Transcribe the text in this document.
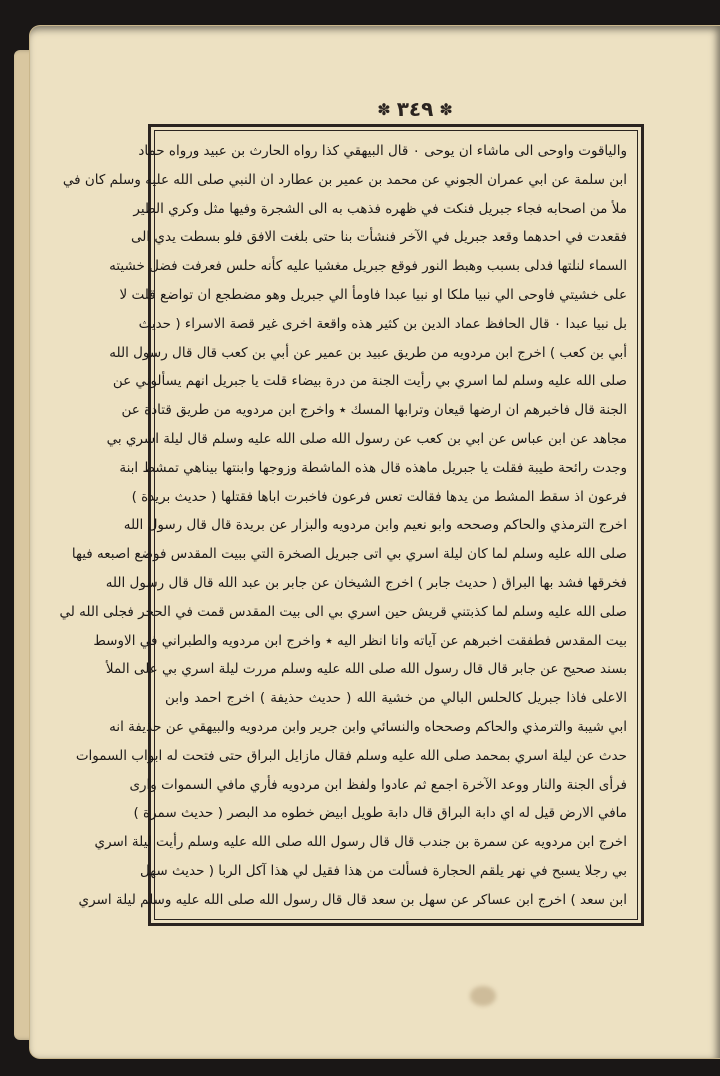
✽ ٣٤٩ ✽
والياقوت واوحى الى ماشاء ان يوحى ٠ قال البيهقي كذا رواه الحارث بن عبيد ورواه حماد
ابن سلمة عن ابي عمران الجوني عن محمد بن عمير بن عطارد ان النبي صلى الله عليه وسلم كان في
ملأ من اصحابه فجاء جبريل فنكت في ظهره فذهب به الى الشجرة وفيها مثل وكري الطير
فقعدت في احدهما وقعد جبريل في الآخر فنشأت بنا حتى بلغت الافق فلو بسطت يدي الى
السماء لنلتها فدلى بسبب وهبط النور فوقع جبريل مغشيا عليه كأنه حلس فعرفت فضل خشيته
على خشيتي فاوحى الي نبيا ملكا او نبيا عبدا فاومأ الي جبريل وهو مضطجع ان تواضع قلت لا
بل نبيا عبدا ٠ قال الحافظ عماد الدين بن كثير هذه واقعة اخرى غير قصة الاسراء ( حديث
أبي بن كعب ) اخرج ابن مردويه من طريق عبيد بن عمير عن أبي بن كعب قال قال رسول الله
صلى الله عليه وسلم لما اسري بي رأيت الجنة من درة بيضاء قلت يا جبريل انهم يسألوني عن
الجنة قال فاخبرهم ان ارضها قيعان وترابها المسك ٭ واخرج ابن مردويه من طريق قتادة عن
مجاهد عن ابن عباس عن ابي بن كعب عن رسول الله صلى الله عليه وسلم قال ليلة اسري بي
وجدت رائحة طيبة فقلت يا جبريل ماهذه قال هذه الماشطة وزوجها وابنتها بيناهي تمشط ابنة
فرعون اذ سقط المشط من يدها فقالت تعس فرعون فاخبرت اباها فقتلها ( حديث بريدة )
اخرج الترمذي والحاكم وصححه وابو نعيم وابن مردويه والبزار عن بريدة قال قال رسول الله
صلى الله عليه وسلم لما كان ليلة اسري بي اتى جبريل الصخرة التي ببيت المقدس فوضع اصبعه فيها
فخرقها فشد بها البراق ( حديث جابر ) اخرج الشيخان عن جابر بن عبد الله قال قال رسول الله
صلى الله عليه وسلم لما كذبتني قريش حين اسري بي الى بيت المقدس قمت في الحجر فجلى الله لي
بيت المقدس فطفقت اخبرهم عن آياته وانا انظر اليه ٭ واخرج ابن مردويه والطبراني في الاوسط
بسند صحيح عن جابر قال قال رسول الله صلى الله عليه وسلم مررت ليلة اسري بي على الملأ
الاعلى فاذا جبريل كالحلس البالي من خشية الله ( حديث حذيفة ) اخرج احمد وابن
ابي شيبة والترمذي والحاكم وصححاه والنسائي وابن جرير وابن مردويه والبيهقي عن حذيفة انه
حدث عن ليلة اسري بمحمد صلى الله عليه وسلم فقال مازايل البراق حتى فتحت له ابواب السموات
فرأى الجنة والنار ووعد الآخرة اجمع ثم عادوا ولفظ ابن مردويه فأري مافي السموات وارى
مافي الارض قيل له اي دابة البراق قال دابة طويل ابيض خطوه مد البصر ( حديث سمرة )
اخرج ابن مردويه عن سمرة بن جندب قال قال رسول الله صلى الله عليه وسلم رأيت ليلة اسري
بي رجلا يسبح في نهر يلقم الحجارة فسألت من هذا فقيل لي هذا آكل الربا ( حديث سهل
ابن سعد ) اخرج ابن عساكر عن سهل بن سعد قال قال رسول الله صلى الله عليه وسلم ليلة اسري
